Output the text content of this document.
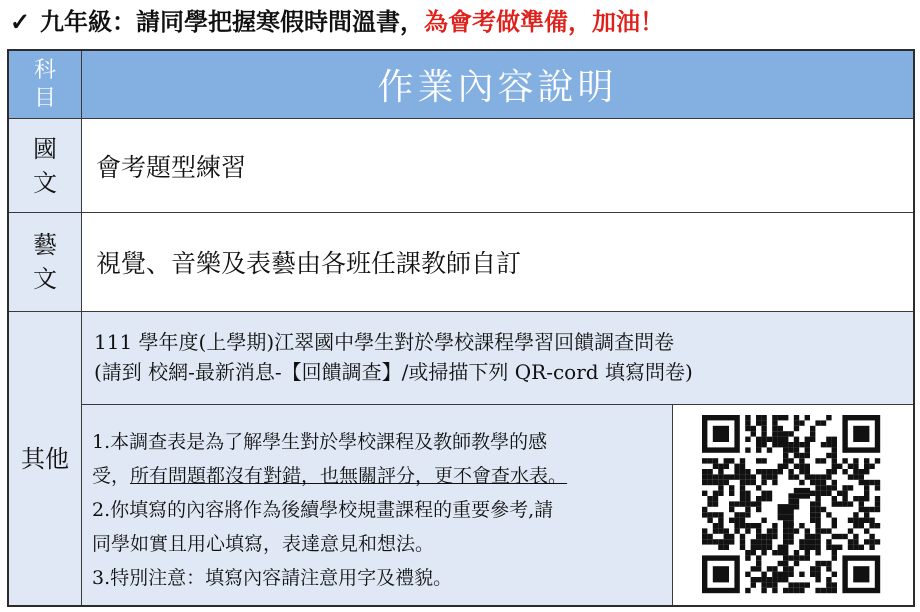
✓ 九年級：請同學把握寒假時間溫書，為會考做準備，加油！
科目	作業內容說明
國文
會考題型練習
藝文
視覺、音樂及表藝由各班任課教師自訂
其他
111 學年度(上學期)江翠國中學生對於學校課程學習回饋調查問卷
(請到 校網-最新消息-【回饋調查】/或掃描下列 QR-cord 填寫問卷)
1.本調查表是為了解學生對於學校課程及教師教學的感
受，所有問題都沒有對錯，也無關評分，更不會查水表。
2.你填寫的內容將作為後續學校規畫課程的重要參考,請
同學如實且用心填寫，表達意見和想法。
3.特別注意：填寫內容請注意用字及禮貌。
